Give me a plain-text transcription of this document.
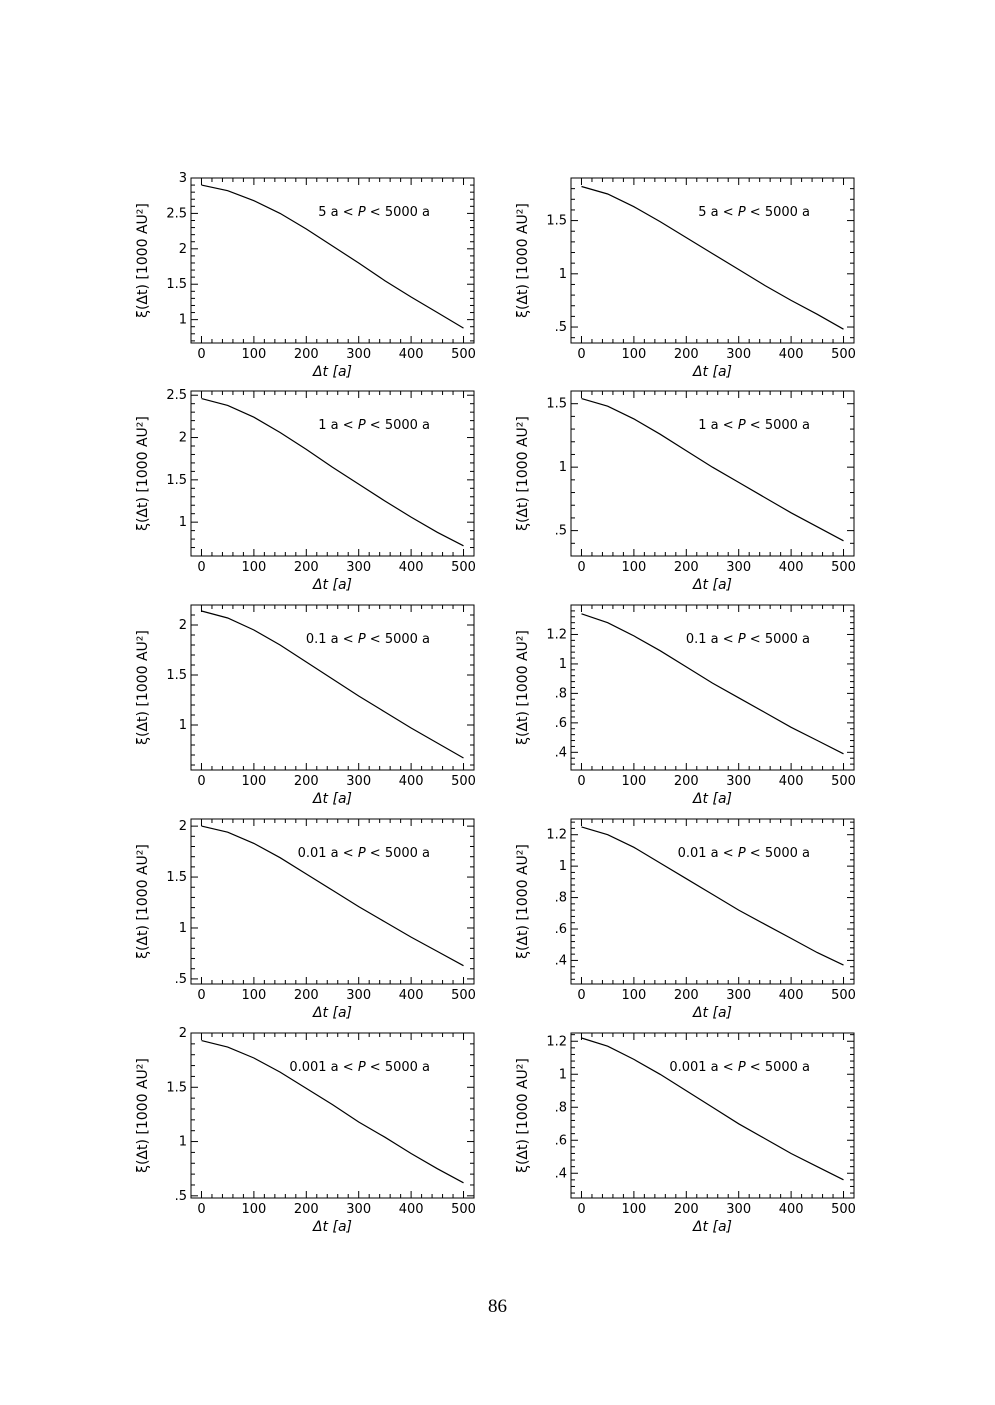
0	100 200 300 400 500
1
1.5
2
2.5
3
Δt [a]
ξ(Δt) [1000 AU²]	5 a < P < 5000 a
0	100 200 300 400 500
.5
1
1.5
Δt [a]
ξ(Δt) [1000 AU²]	5 a < P < 5000 a
0	100 200 300 400 500
1
1.5
2
2.5
Δt [a]
ξ(Δt) [1000 AU²]	1 a < P < 5000 a
0	100 200 300 400 500
.5
1
1.5
Δt [a]
ξ(Δt) [1000 AU²]	1 a < P < 5000 a
0	100 200 300 400 500
1
1.5
2
Δt [a]
ξ(Δt) [1000 AU²]	0.1 a < P < 5000 a
0	100 200 300 400 500
.4
.6
.8
1
1.2
Δt [a]
ξ(Δt) [1000 AU²]	0.1 a < P < 5000 a
0	100 200 300 400 500
.5
1
1.5
2
Δt [a]
ξ(Δt) [1000 AU²]	0.01 a < P < 5000 a
0	100 200 300 400 500
.4
.6
.8
1
1.2
Δt [a]
ξ(Δt) [1000 AU²]	0.01 a < P < 5000 a
0	100 200 300 400 500
.5
1
1.5
2
Δt [a]
ξ(Δt) [1000 AU²]	0.001 a < P < 5000 a
0	100 200 300 400 500
.4
.6
.8
1
1.2
Δt [a]
ξ(Δt) [1000 AU²]	0.001 a < P < 5000 a
86
